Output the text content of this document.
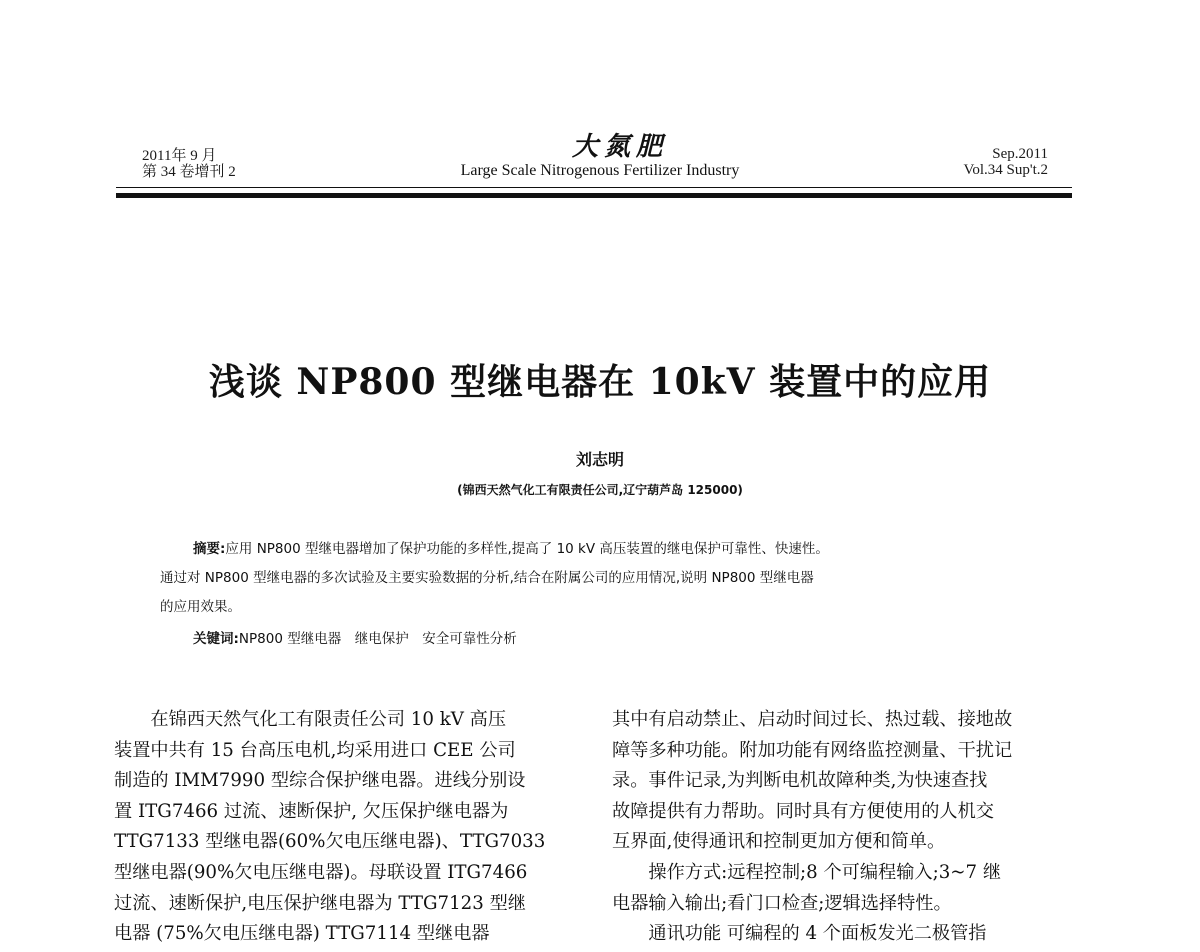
2011年 9 月
第 34 卷增刊 2
大氮肥
Large Scale Nitrogenous Fertilizer Industry
Sep.2011
Vol.34 Sup't.2
浅谈 NP800 型继电器在 10kV 装置中的应用
刘志明
(锦西天然气化工有限责任公司,辽宁葫芦岛 125000)
摘要:应用 NP800 型继电器增加了保护功能的多样性,提高了 10 kV 高压装置的继电保护可靠性、快速性。
通过对 NP800 型继电器的多次试验及主要实验数据的分析,结合在附属公司的应用情况,说明 NP800 型继电器
的应用效果。
关键词:NP800 型继电器　继电保护　安全可靠性分析
　　在锦西天然气化工有限责任公司 10 kV 高压
装置中共有 15 台高压电机,均采用进口 CEE 公司
制造的 IMM7990 型综合保护继电器。进线分别设
置 ITG7466 过流、速断保护, 欠压保护继电器为
TTG7133 型继电器(60%欠电压继电器)、TTG7033
型继电器(90%欠电压继电器)。母联设置 ITG7466
过流、速断保护,电压保护继电器为 TTG7123 型继
电器 (75%欠电压继电器) TTG7114 型继电器
其中有启动禁止、启动时间过长、热过载、接地故
障等多种功能。附加功能有网络监控测量、干扰记
录。事件记录,为判断电机故障种类,为快速查找
故障提供有力帮助。同时具有方便使用的人机交
互界面,使得通讯和控制更加方便和简单。
　　操作方式:远程控制;8 个可编程输入;3~7 继
电器输入输出;看门口检查;逻辑选择特性。
　　通讯功能 可编程的 4 个面板发光二极管指
